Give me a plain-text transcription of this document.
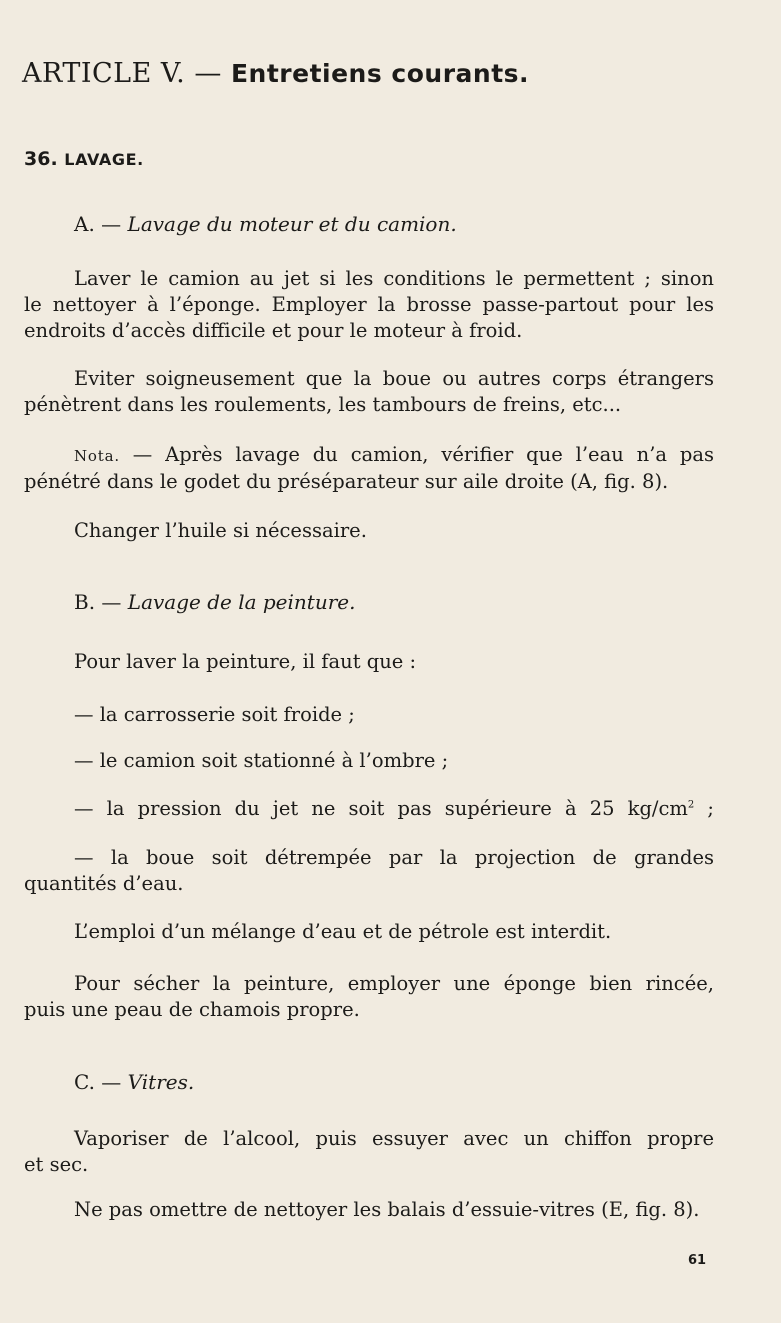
ARTICLE V. — Entretiens courants.
36. LAVAGE.
A. — Lavage du moteur et du camion.
Laver le camion au jet si les conditions le permettent ; sinon
le nettoyer à l’éponge. Employer la brosse passe-partout pour les
endroits d’accès difficile et pour le moteur à froid.
Eviter soigneusement que la boue ou autres corps étrangers
pénètrent dans les roulements, les tambours de freins, etc...
Nota. — Après lavage du camion, vérifier que l’eau n’a pas
pénétré dans le godet du préséparateur sur aile droite (A, fig. 8).
Changer l’huile si nécessaire.
B. — Lavage de la peinture.
Pour laver la peinture, il faut que :
— la carrosserie soit froide ;
— le camion soit stationné à l’ombre ;
— la pression du jet ne soit pas supérieure à 25 $kg/cm^2$ ;
— la boue soit détrempée par la projection de grandes
quantités d’eau.
L’emploi d’un mélange d’eau et de pétrole est interdit.
Pour sécher la peinture, employer une éponge bien rincée,
puis une peau de chamois propre.
C. — Vitres.
Vaporiser de l’alcool, puis essuyer avec un chiffon propre
et sec.
Ne pas omettre de nettoyer les balais d’essuie-vitres (E, fig. 8).
61
